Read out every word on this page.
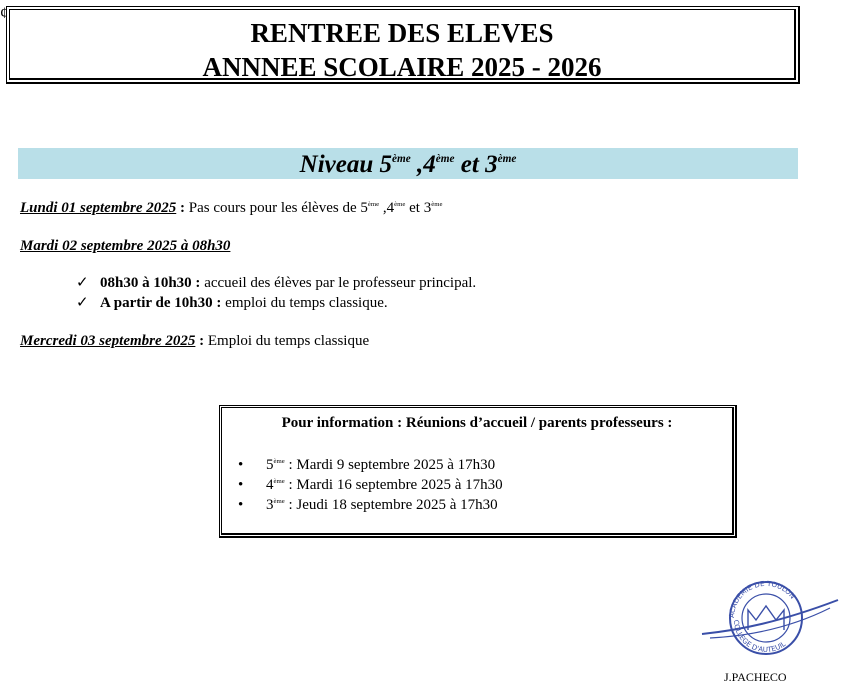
¢
RENTREE DES ELEVES
ANNNEE SCOLAIRE 2025 - 2026
Niveau 5ème ,4ème et 3ème
Lundi 01 septembre 2025 : Pas cours pour les élèves de 5ème ,4ème et 3ème
Mardi 02 septembre 2025 à 08h30
✓ 08h30 à 10h30 : accueil des élèves par le professeur principal.
✓ A partir de 10h30 : emploi du temps classique.
Mercredi 03 septembre 2025 : Emploi du temps classique
Pour information : Réunions d’accueil / parents professeurs :
• 5ème : Mardi 9 septembre 2025 à 17h30
• 4ème : Mardi 16 septembre 2025 à 17h30
• 3ème : Jeudi 18 septembre 2025 à 17h30
ACADEMIE DE TOULON
COLLEGE D'AUTEUIL
J.PACHECO
